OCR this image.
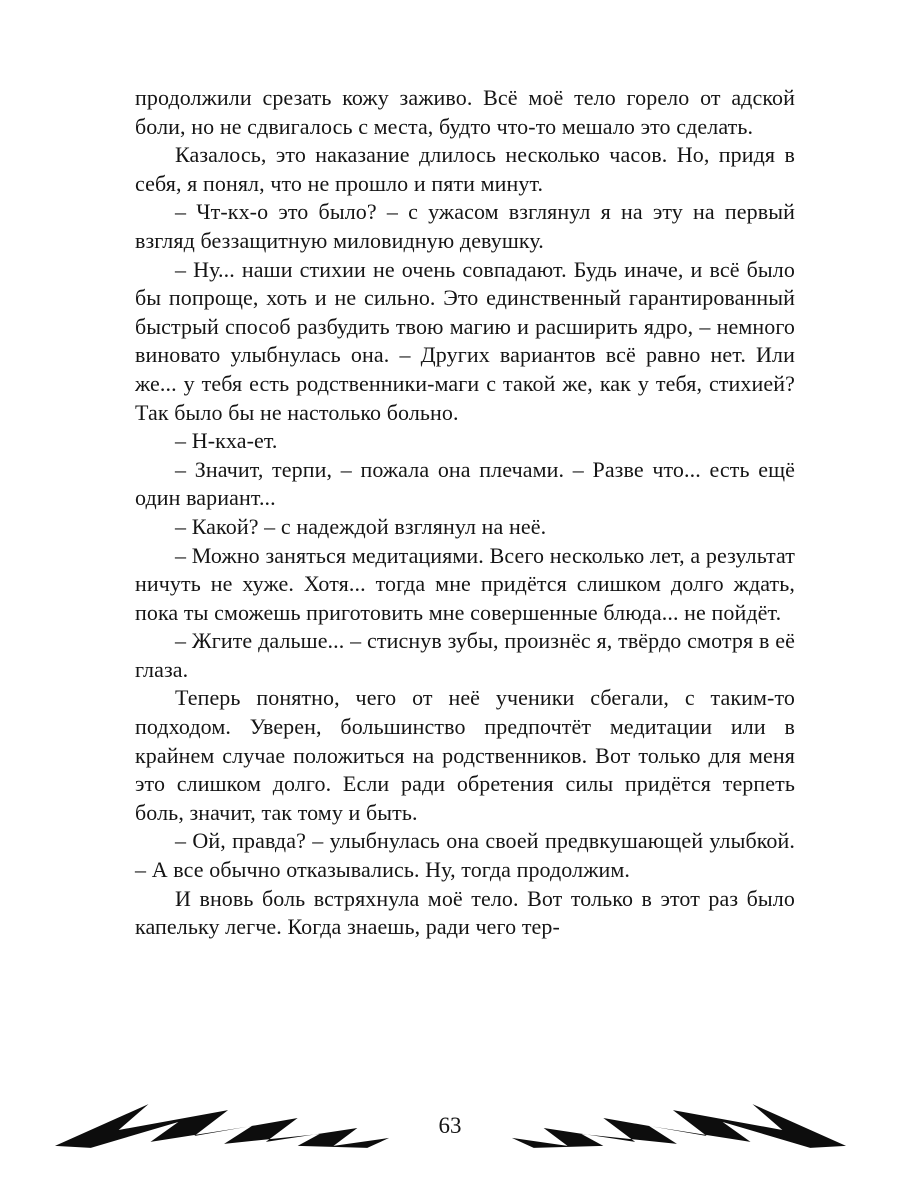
продолжили срезать кожу заживо. Всё моё тело горело от адской боли, но не сдвигалось с места, будто что-то мешало это сделать.

Казалось, это наказание длилось несколько часов. Но, придя в себя, я понял, что не прошло и пяти минут.

– Чт-кх-о это было? – с ужасом взглянул я на эту на первый взгляд беззащитную миловидную девушку.

– Ну... наши стихии не очень совпадают. Будь иначе, и всё было бы попроще, хоть и не сильно. Это единственный гарантированный быстрый способ разбудить твою магию и расширить ядро, – немного виновато улыбнулась она. – Других вариантов всё равно нет. Или же... у тебя есть родственники-маги с такой же, как у тебя, стихией? Так было бы не настолько больно.

– Н-кха-ет.

– Значит, терпи, – пожала она плечами. – Разве что... есть ещё один вариант...

– Какой? – с надеждой взглянул на неё.

– Можно заняться медитациями. Всего несколько лет, а результат ничуть не хуже. Хотя... тогда мне придётся слишком долго ждать, пока ты сможешь приготовить мне совершенные блюда... не пойдёт.

– Жгите дальше... – стиснув зубы, произнёс я, твёрдо смотря в её глаза.

Теперь понятно, чего от неё ученики сбегали, с таким-то подходом. Уверен, большинство предпочтёт медитации или в крайнем случае положиться на родственников. Вот только для меня это слишком долго. Если ради обретения силы придётся терпеть боль, значит, так тому и быть.

– Ой, правда? – улыбнулась она своей предвкушающей улыбкой. – А все обычно отказывались. Ну, тогда продолжим.

И вновь боль встряхнула моё тело. Вот только в этот раз было капельку легче. Когда знаешь, ради чего тер-

63
